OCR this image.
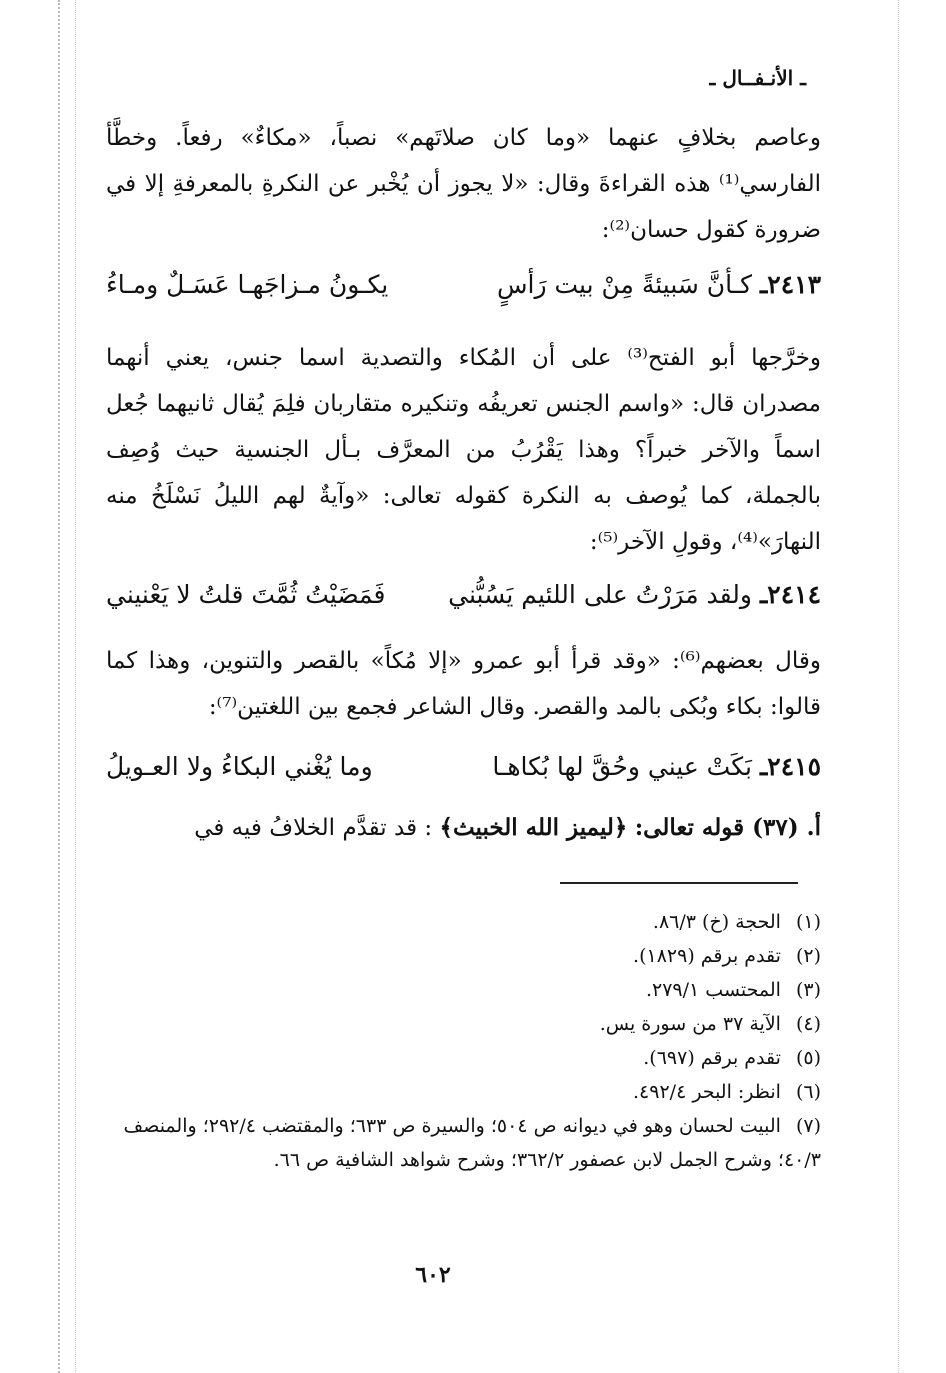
ـ الأنـفــال ـ

وعاصم بخلافٍ عنهما «وما كان صلاتَهم» نصباً، «مكاءٌ» رفعاً. وخطَّأ الفارسي⁽¹⁾ هذه القراءةَ وقال: «لا يجوز أن يُخْبر عن النكرةِ بالمعرفةِ إلا في ضرورة كقول حسان⁽²⁾:

٢٤١٣ـ كـأنَّ سَبيئةً مِنْ بيت رَأسٍ
يكـونُ مـزاجَهـا عَسَـلٌ ومـاءُ

وخرَّجها أبو الفتح⁽³⁾ على أن المُكاء والتصدية اسما جنس، يعني أنهما مصدران قال: «واسم الجنس تعريفُه وتنكيره متقاربان فلِمَ يُقال ثانيهما جُعل اسماً والآخر خبراً؟ وهذا يَقْرُبُ من المعرَّف بـأل الجنسية حيث وُصِف بالجملة، كما يُوصف به النكرة كقوله تعالى: «وآيةٌ لهم الليلُ نَسْلَخُ منه النهارَ»⁽⁴⁾، وقولِ الآخر⁽⁵⁾:

٢٤١٤ـ ولقد مَرَرْتُ على اللئيم يَسُبُّني
فَمَضَيْتُ ثُمَّتَ قلتُ لا يَعْنيني

وقال بعضهم⁽⁶⁾: «وقد قرأ أبو عمرو «إلا مُكاً» بالقصر والتنوين، وهذا كما قالوا: بكاء وبُكى بالمد والقصر. وقال الشاعر فجمع بين اللغتين⁽⁷⁾:

٢٤١٥ـ بَكَتْ عيني وحُقَّ لها بُكاهـا
وما يُغْني البكاءُ ولا العـويلُ

أ. (٣٧) قوله تعالى: ﴿ليميز الله الخبيث﴾ : قد تقدَّم الخلافُ فيه في

(١) الحجة (خ) ٨٦/٣.
(٢) تقدم برقم (١٨٢٩).
(٣) المحتسب ٢٧٩/١.
(٤) الآية ٣٧ من سورة يس.
(٥) تقدم برقم (٦٩٧).
(٦) انظر: البحر ٤٩٢/٤.
(٧) البيت لحسان وهو في ديوانه ص ٥٠٤؛ والسيرة ص ٦٣٣؛ والمقتضب ٢٩٢/٤؛ والمنصف ٤٠/٣؛ وشرح الجمل لابن عصفور ٣٦٢/٢؛ وشرح شواهد الشافية ص ٦٦.
٦٠٢
